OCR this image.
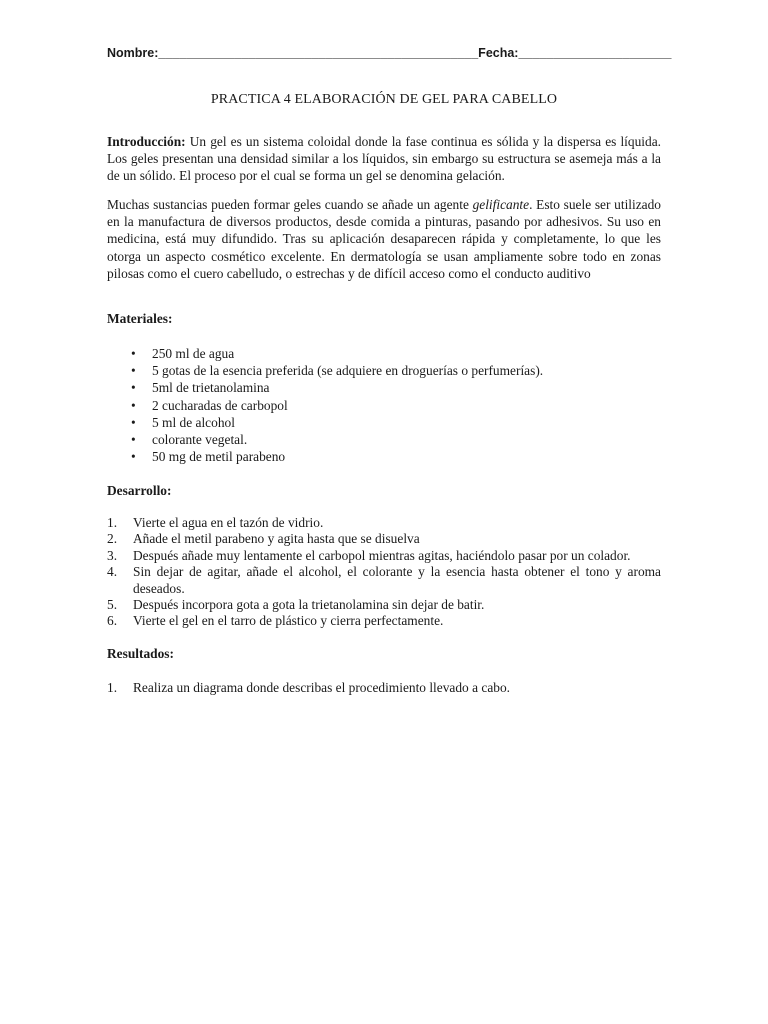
Nombre:______________________________________________Fecha:______________________
PRACTICA 4 ELABORACIÓN DE GEL PARA CABELLO

Introducción: Un gel es un sistema coloidal donde la fase continua es sólida y la dispersa es líquida. Los geles presentan una densidad similar a los líquidos, sin embargo su estructura se asemeja más a la de un sólido. El proceso por el cual se forma un gel se denomina gelación.

Muchas sustancias pueden formar geles cuando se añade un agente gelificante. Esto suele ser utilizado en la manufactura de diversos productos, desde comida a pinturas, pasando por adhesivos. Su uso en medicina, está muy difundido. Tras su aplicación desaparecen rápida y completamente, lo que les otorga un aspecto cosmético excelente. En dermatología se usan ampliamente sobre todo en zonas pilosas como el cuero cabelludo, o estrechas y de difícil acceso como el conducto auditivo

Materiales:
• 250 ml de agua
• 5 gotas de la esencia preferida (se adquiere en droguerías o perfumerías).
• 5ml de trietanolamina
• 2 cucharadas de carbopol
• 5 ml de alcohol
• colorante vegetal.
• 50 mg de metil parabeno
Desarrollo:
1. Vierte el agua en el tazón de vidrio.
2. Añade el metil parabeno y agita hasta que se disuelva
3. Después añade muy lentamente el carbopol mientras agitas, haciéndolo pasar por un colador.
4. Sin dejar de agitar, añade el alcohol, el colorante y la esencia hasta obtener el tono y aroma deseados.
5. Después incorpora gota a gota la trietanolamina sin dejar de batir.
6. Vierte el gel en el tarro de plástico y cierra perfectamente.
Resultados:
1. Realiza un diagrama donde describas el procedimiento llevado a cabo.
